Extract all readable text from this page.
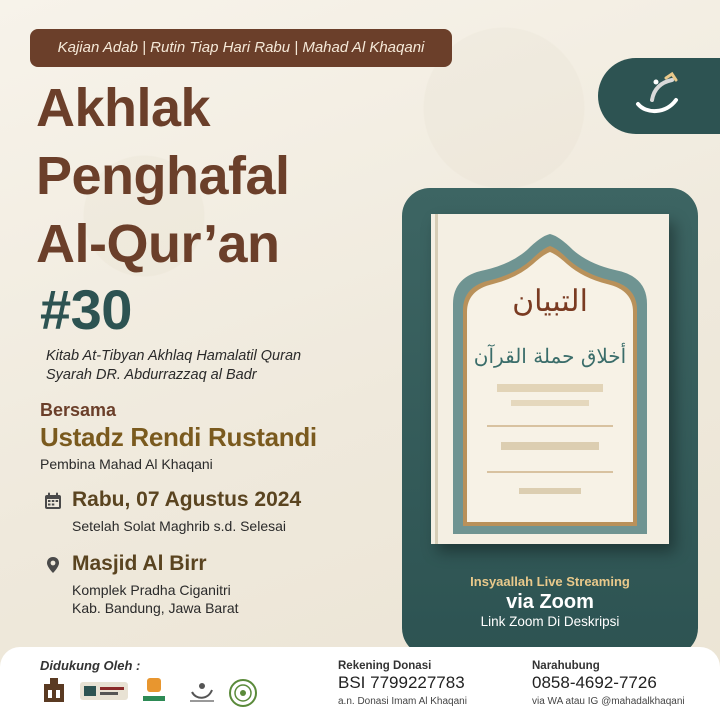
Kajian Adab | Rutin Tiap Hari Rabu | Mahad Al Khaqani
Akhlak
Penghafal
Al-Qur’an
#30
Kitab At-Tibyan Akhlaq Hamalatil Quran
Syarah DR. Abdurrazzaq al Badr
Bersama
Ustadz Rendi Rustandi
Pembina Mahad Al Khaqani
Rabu, 07 Agustus 2024
Setelah Solat Maghrib s.d. Selesai
Masjid Al Birr
Komplek Pradha Ciganitri
Kab. Bandung, Jawa Barat
التبيان
أخلاق حملة القرآن
Insyaallah Live Streaming
via Zoom
Link Zoom Di Deskripsi
Didukung Oleh :	Rekening Donasi
BSI 7799227783
a.n. Donasi Imam Al Khaqani
Narahubung
0858-4692-7726
via WA atau IG @mahadalkhaqani
